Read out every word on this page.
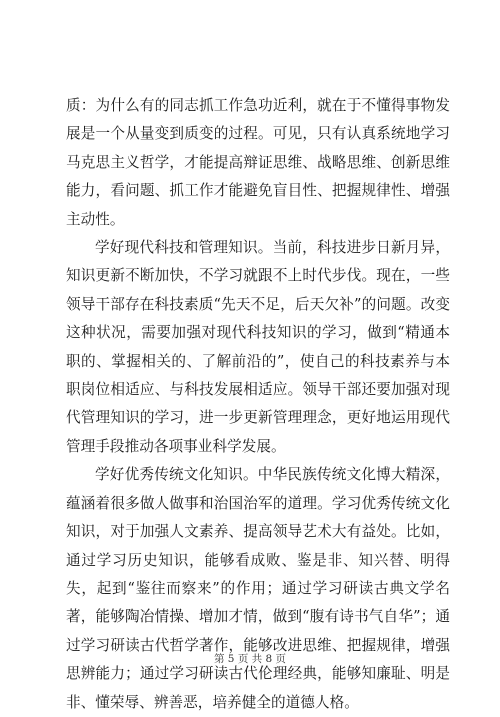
质：为什么有的同志抓工作急功近利，就在于不懂得事物发展是一个从量变到质变的过程。可见，只有认真系统地学习马克思主义哲学，才能提高辩证思维、战略思维、创新思维能力，看问题、抓工作才能避免盲目性、把握规律性、增强主动性。

学好现代科技和管理知识。当前，科技进步日新月异，知识更新不断加快，不学习就跟不上时代步伐。现在，一些领导干部存在科技素质“先天不足，后天欠补”的问题。改变这种状况，需要加强对现代科技知识的学习，做到“精通本职的、掌握相关的、了解前沿的”，使自己的科技素养与本职岗位相适应、与科技发展相适应。领导干部还要加强对现代管理知识的学习，进一步更新管理理念，更好地运用现代管理手段推动各项事业科学发展。

学好优秀传统文化知识。中华民族传统文化博大精深，蕴涵着很多做人做事和治国治军的道理。学习优秀传统文化知识，对于加强人文素养、提高领导艺术大有益处。比如，通过学习历史知识，能够看成败、鉴是非、知兴替、明得失，起到“鉴往而察来”的作用；通过学习研读古典文学名著，能够陶冶情操、增加才情，做到“腹有诗书气自华”；通过学习研读古代哲学著作，能够改进思维、把握规律，增强思辨能力；通过学习研读古代伦理经典，能够知廉耻、明是非、懂荣辱、辨善恶，培养健全的道德人格。

第 5 页 共 8 页
